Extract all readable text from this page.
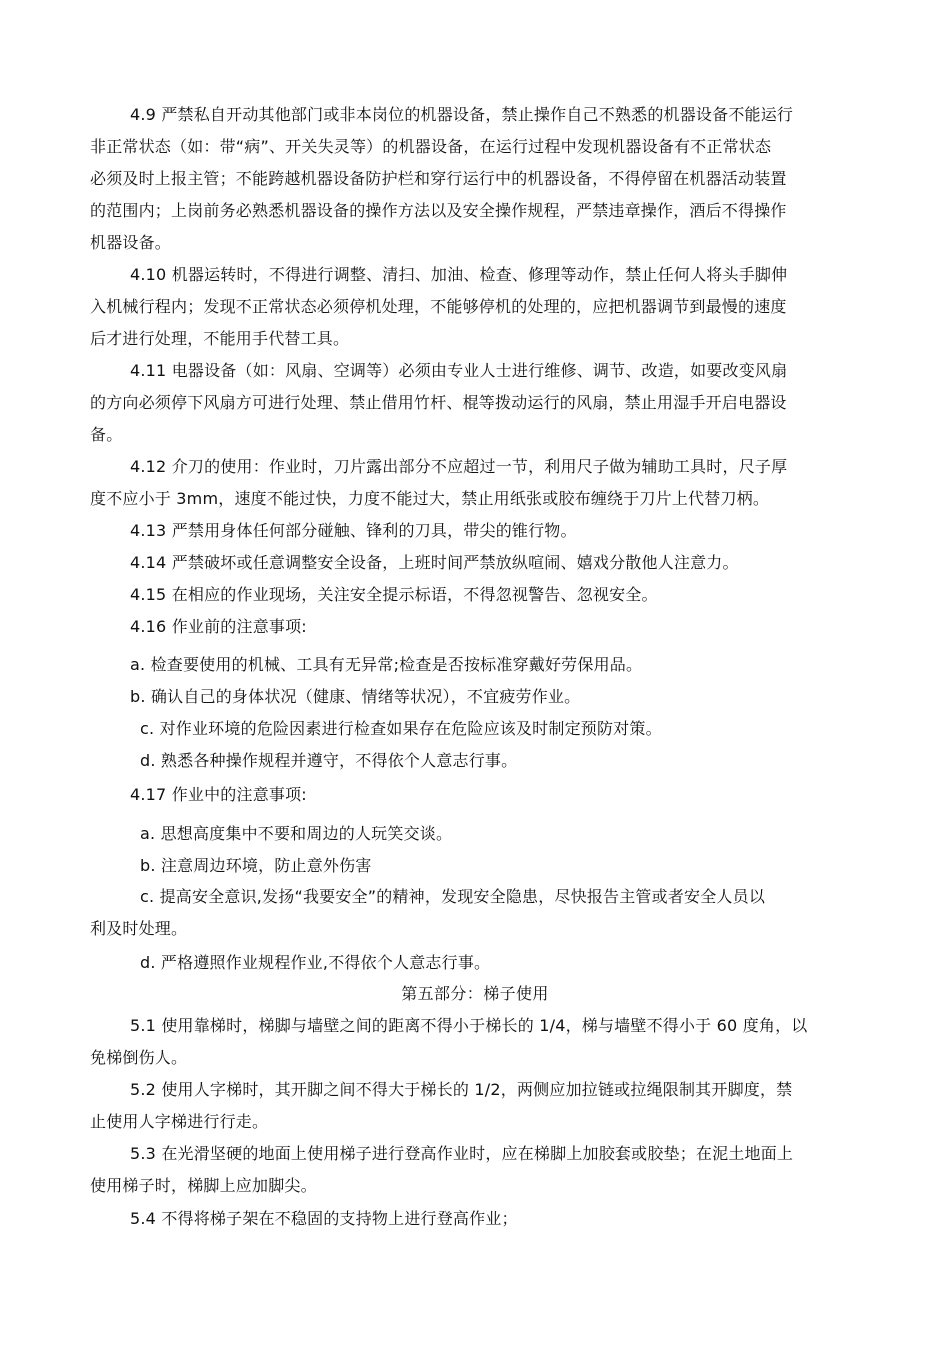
4.9 严禁私自开动其他部门或非本岗位的机器设备，禁止操作自己不熟悉的机器设备不能运行
非正常状态（如：带“病”、开关失灵等）的机器设备，在运行过程中发现机器设备有不正常状态
必须及时上报主管；不能跨越机器设备防护栏和穿行运行中的机器设备，不得停留在机器活动装置
的范围内；上岗前务必熟悉机器设备的操作方法以及安全操作规程，严禁违章操作，酒后不得操作
机器设备。
4.10 机器运转时，不得进行调整、清扫、加油、检查、修理等动作，禁止任何人将头手脚伸
入机械行程内；发现不正常状态必须停机处理，不能够停机的处理的，应把机器调节到最慢的速度
后才进行处理，不能用手代替工具。
4.11 电器设备（如：风扇、空调等）必须由专业人士进行维修、调节、改造，如要改变风扇
的方向必须停下风扇方可进行处理、禁止借用竹杆、棍等拨动运行的风扇，禁止用湿手开启电器设
备。
4.12 介刀的使用：作业时，刀片露出部分不应超过一节，利用尺子做为辅助工具时，尺子厚
度不应小于 3mm，速度不能过快，力度不能过大，禁止用纸张或胶布缠绕于刀片上代替刀柄。
4.13 严禁用身体任何部分碰触、锋利的刀具，带尖的锥行物。
4.14 严禁破坏或任意调整安全设备，上班时间严禁放纵喧闹、嬉戏分散他人注意力。
4.15 在相应的作业现场，关注安全提示标语，不得忽视警告、忽视安全。
4.16 作业前的注意事项:
a. 检查要使用的机械、工具有无异常;检查是否按标准穿戴好劳保用品。
b. 确认自己的身体状况（健康、情绪等状况），不宜疲劳作业。
c. 对作业环境的危险因素进行检查如果存在危险应该及时制定预防对策。
d. 熟悉各种操作规程并遵守，不得依个人意志行事。
4.17 作业中的注意事项:
a. 思想高度集中不要和周边的人玩笑交谈。
b. 注意周边环境，防止意外伤害
c. 提高安全意识,发扬“我要安全”的精神，发现安全隐患，尽快报告主管或者安全人员以
利及时处理。
d. 严格遵照作业规程作业,不得依个人意志行事。
第五部分：梯子使用
5.1 使用靠梯时，梯脚与墙壁之间的距离不得小于梯长的 1/4，梯与墙壁不得小于 60 度角，以
免梯倒伤人。
5.2 使用人字梯时，其开脚之间不得大于梯长的 1/2，两侧应加拉链或拉绳限制其开脚度，禁
止使用人字梯进行行走。
5.3 在光滑坚硬的地面上使用梯子进行登高作业时，应在梯脚上加胶套或胶垫；在泥土地面上
使用梯子时，梯脚上应加脚尖。
5.4 不得将梯子架在不稳固的支持物上进行登高作业；
